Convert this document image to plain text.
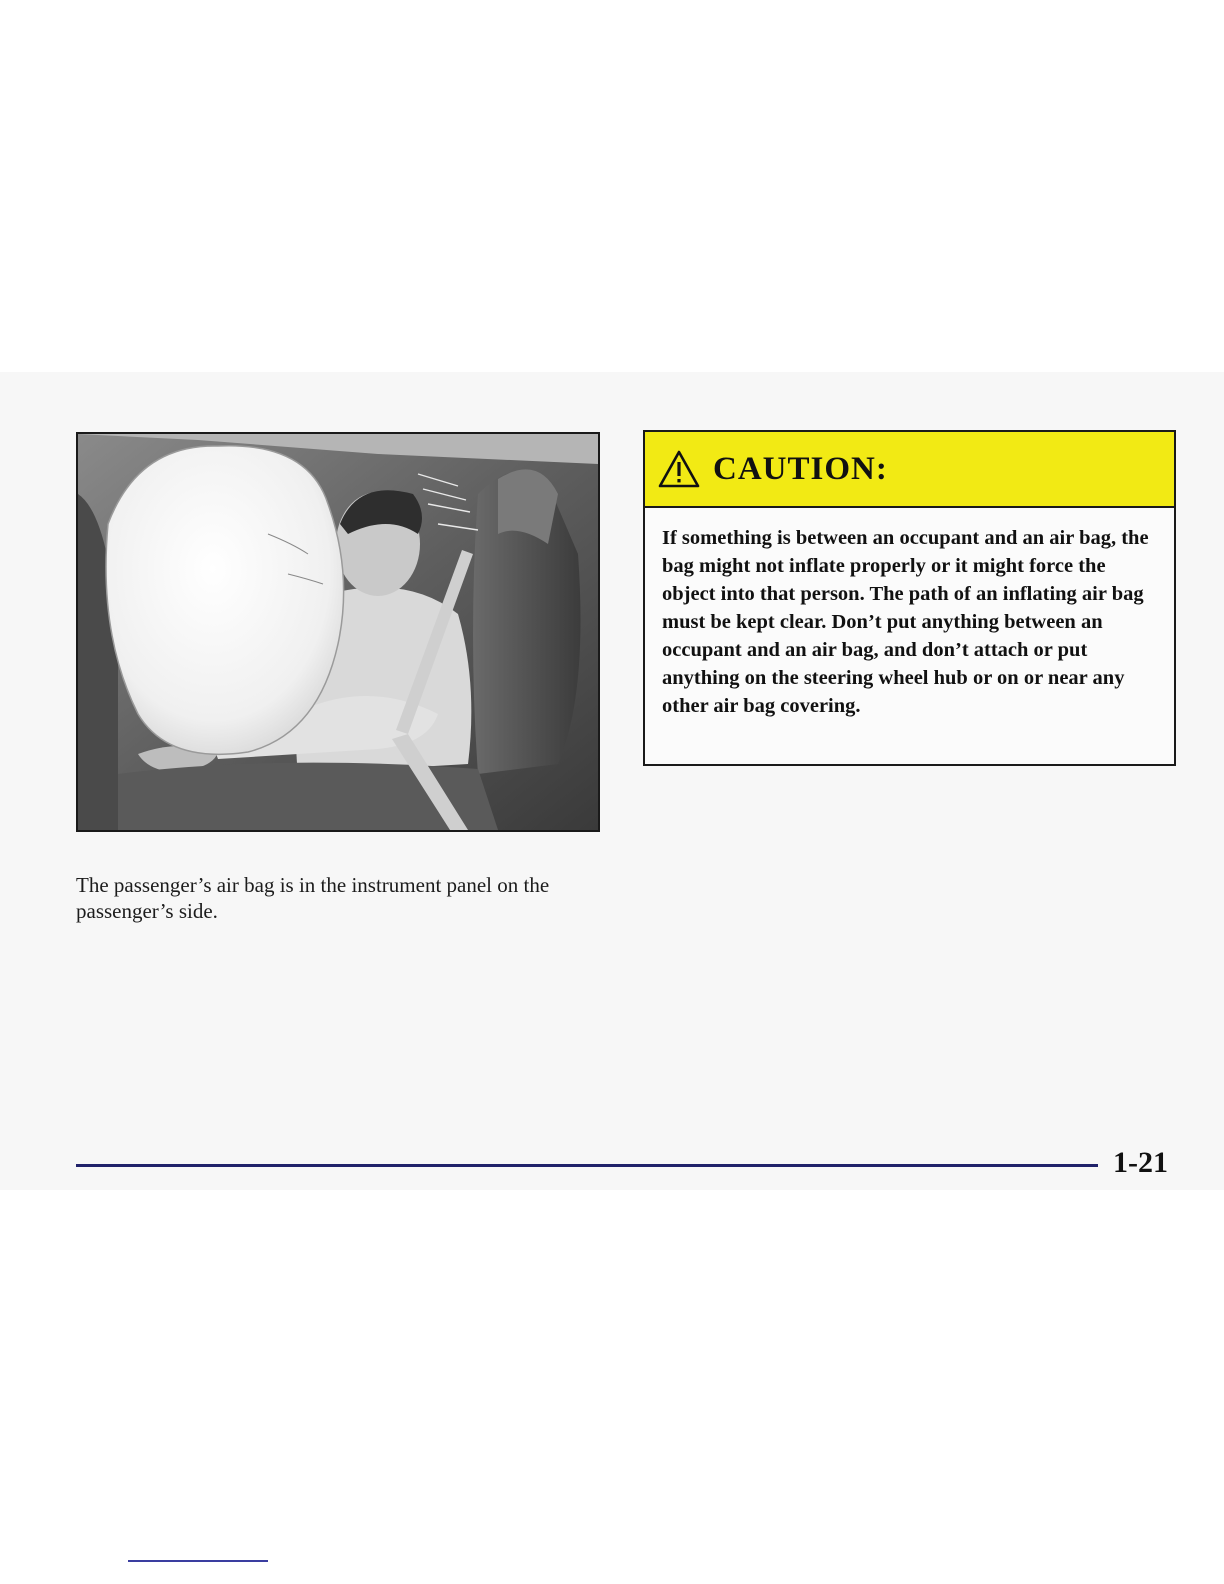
The passenger’s air bag is in the instrument panel on the passenger’s side.

CAUTION:

If something is between an occupant and an air bag, the bag might not inflate properly or it might force the object into that person. The path of an inflating air bag must be kept clear. Don’t put anything between an occupant and an air bag, and don’t attach or put anything on the steering wheel hub or on or near any other air bag covering.

1-21
